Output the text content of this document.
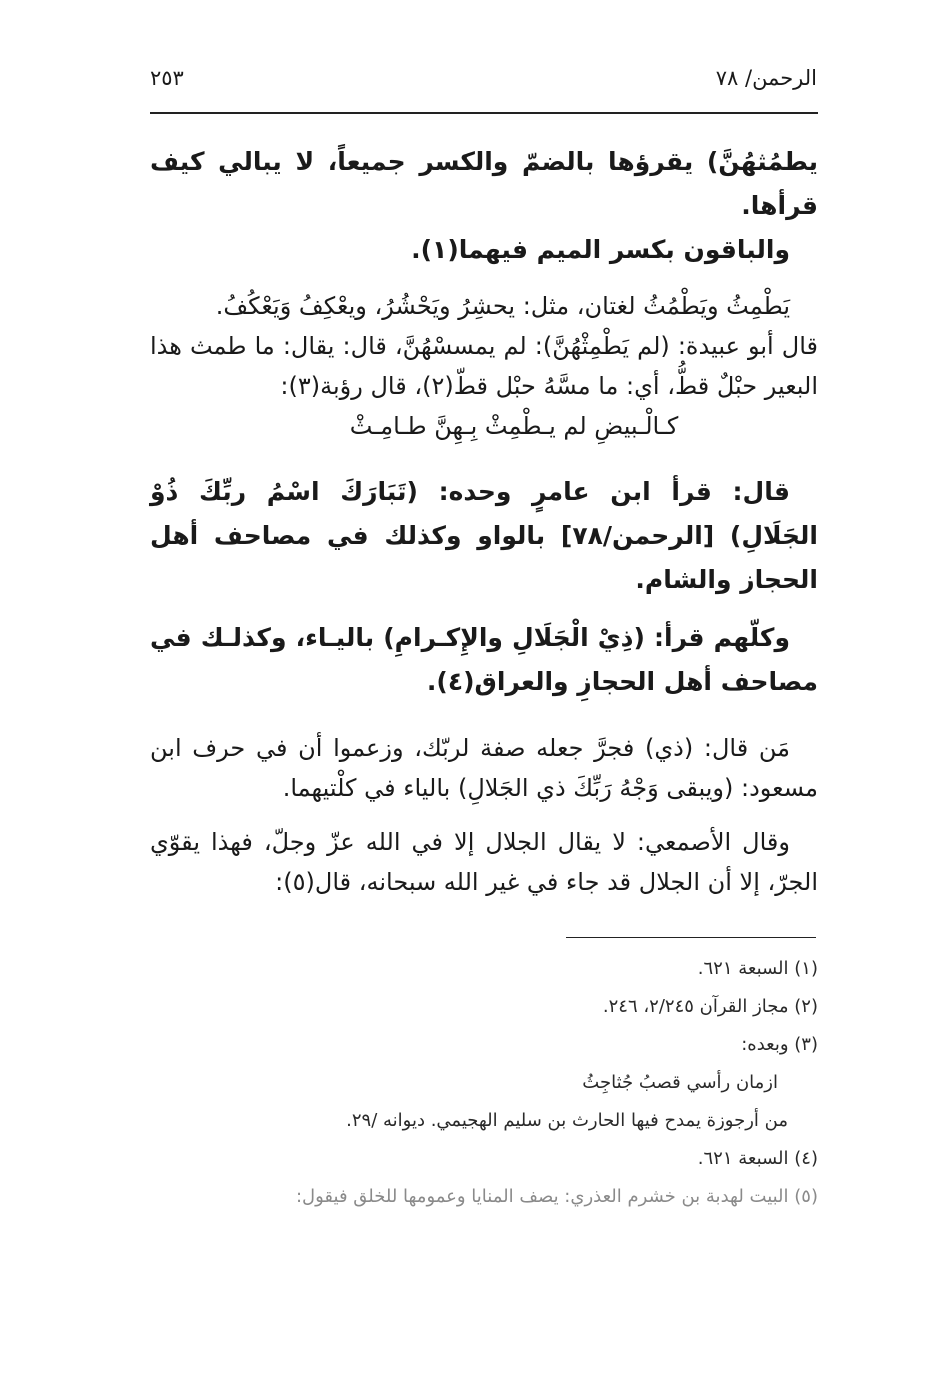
الرحمن/ ٧٨
٢٥٣

يطمُثهُنَّ) يقرؤها بالضمّ والكسر جميعاً، لا يبالي كيف قرأها.

والباقون بكسر الميم فيهما(١).

يَطْمِثُ ويَطْمُثُ لغتان، مثل: يحشِرُ ويَحْشُرُ، ويعْكِفُ وَيَعْكُفُ.

قال أبو عبيدة: (لم يَطْمِثْهُنَّ): لم يمسسْهُنَّ، قال: يقال: ما طمث هذا البعير حبْلٌ قطُّ، أي: ما مسَّهُ حبْل قطّ(٢)، قال رؤبة(٣):

كـالْـبيضِ لم يـطْمِثْ بِـهِنَّ طـامِـثْ

قال: قرأ ابن عامرٍ وحده: (تَبَارَكَ اسْمُ ربِّكَ ذُوْ الجَلَالِ) [الرحمن/٧٨] بالواو وكذلك في مصاحف أهل الحجاز والشام.

وكلّهم قرأ: (ذِيْ الْجَلَالِ والإِكـرامِ) باليـاء، وكذلـك في مصاحف أهل الحجازِ والعراق(٤).

مَن قال: (ذي) فجرَّ جعله صفة لربّك، وزعموا أن في حرف ابن مسعود: (ويبقى وَجْهُ رَبِّكَ ذي الجَلالِ) بالياء في كلْتيهما.

وقال الأصمعي: لا يقال الجلال إلا في الله عزّ وجلّ، فهذا يقوّي الجرّ، إلا أن الجلال قد جاء في غير الله سبحانه، قال(٥):

(١) السبعة ٦٢١.

(٢) مجاز القرآن ٢/٢٤٥، ٢٤٦.

(٣) وبعده:

ازمان رأسي قصبُ جُثاجِثُ

من أرجوزة يمدح فيها الحارث بن سليم الهجيمي. ديوانه /٢٩.

(٤) السبعة ٦٢١.

(٥) البيت لهدبة بن خشرم العذري: يصف المنايا وعمومها للخلق فيقول:
